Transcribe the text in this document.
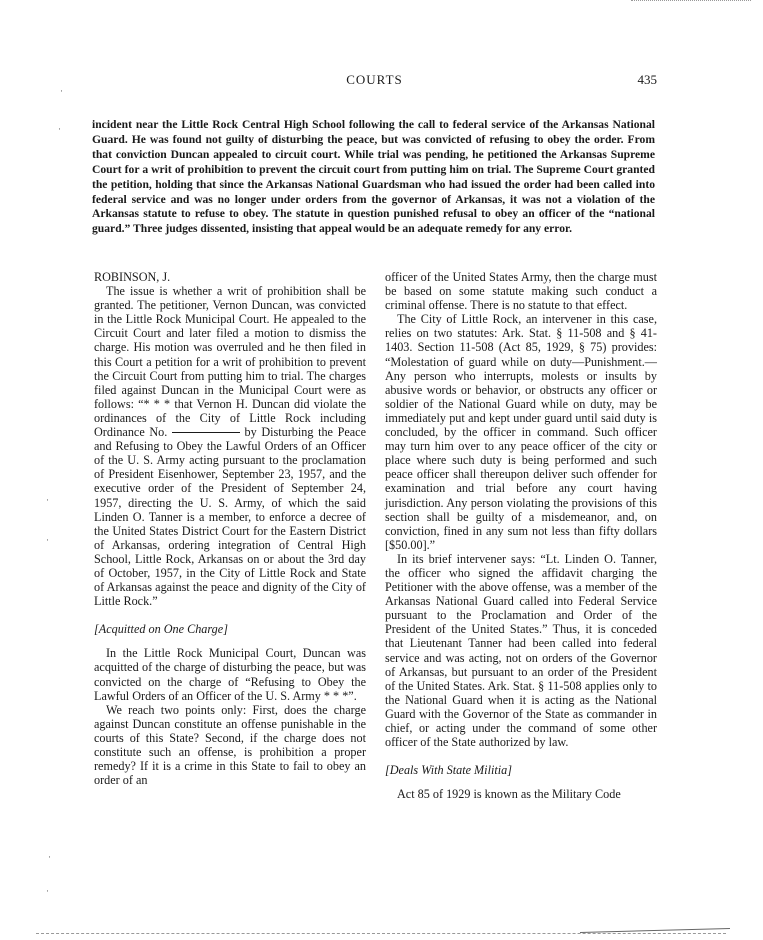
COURTS	435
incident near the Little Rock Central High School following the call to federal service of the Arkansas National Guard. He was found not guilty of disturbing the peace, but was convicted of refusing to obey the order. From that conviction Duncan appealed to circuit court. While trial was pending, he petitioned the Arkansas Supreme Court for a writ of prohibition to prevent the circuit court from putting him on trial. The Supreme Court granted the petition, holding that since the Arkansas National Guardsman who had issued the order had been called into federal service and was no longer under orders from the governor of Arkansas, it was not a violation of the Arkansas statute to refuse to obey. The statute in question punished refusal to obey an officer of the “national guard.” Three judges dissented, insisting that appeal would be an adequate remedy for any error.

ROBINSON, J.

The issue is whether a writ of prohibition shall be granted. The petitioner, Vernon Duncan, was convicted in the Little Rock Municipal Court. He appealed to the Circuit Court and later filed a motion to dismiss the charge. His motion was overruled and he then filed in this Court a petition for a writ of prohibition to prevent the Circuit Court from putting him to trial. The charges filed against Duncan in the Municipal Court were as follows: “* * * that Vernon H. Duncan did violate the ordinances of the City of Little Rock including Ordinance No.	by Disturbing the Peace and Refusing to Obey the Lawful Orders of an Officer of the U. S. Army acting pursuant to the proclamation of President Eisenhower, September 23, 1957, and the executive order of the President of September 24, 1957, directing the U. S. Army, of which the said Linden O. Tanner is a member, to enforce a decree of the United States District Court for the Eastern District of Arkansas, ordering integration of Central High School, Little Rock, Arkansas on or about the 3rd day of October, 1957, in the City of Little Rock and State of Arkansas against the peace and dignity of the City of Little Rock.”

[Acquitted on One Charge]

In the Little Rock Municipal Court, Duncan was acquitted of the charge of disturbing the peace, but was convicted on the charge of “Refusing to Obey the Lawful Orders of an Officer of the U. S. Army * * *”.

We reach two points only: First, does the charge against Duncan constitute an offense punishable in the courts of this State? Second, if the charge does not constitute such an offense, is prohibition a proper remedy? If it is a crime in this State to fail to obey an order of an

officer of the United States Army, then the charge must be based on some statute making such conduct a criminal offense. There is no statute to that effect.

The City of Little Rock, an intervener in this case, relies on two statutes: Ark. Stat. § 11-508 and § 41-1403. Section 11-508 (Act 85, 1929, § 75) provides: “Molestation of guard while on duty—Punishment.—Any person who interrupts, molests or insults by abusive words or behavior, or obstructs any officer or soldier of the National Guard while on duty, may be immediately put and kept under guard until said duty is concluded, by the officer in command. Such officer may turn him over to any peace officer of the city or place where such duty is being performed and such peace officer shall thereupon deliver such offender for examination and trial before any court having jurisdiction. Any person violating the provisions of this section shall be guilty of a misdemeanor, and, on conviction, fined in any sum not less than fifty dollars [$50.00].”

In its brief intervener says: “Lt. Linden O. Tanner, the officer who signed the affidavit charging the Petitioner with the above offense, was a member of the Arkansas National Guard called into Federal Service pursuant to the Proclamation and Order of the President of the United States.” Thus, it is conceded that Lieutenant Tanner had been called into federal service and was acting, not on orders of the Governor of Arkansas, but pursuant to an order of the President of the United States. Ark. Stat. § 11-508 applies only to the National Guard when it is acting as the National Guard with the Governor of the State as commander in chief, or acting under the command of some other officer of the State authorized by law.

[Deals With State Militia]

Act 85 of 1929 is known as the Military Code

·
·
·
·
·
·
